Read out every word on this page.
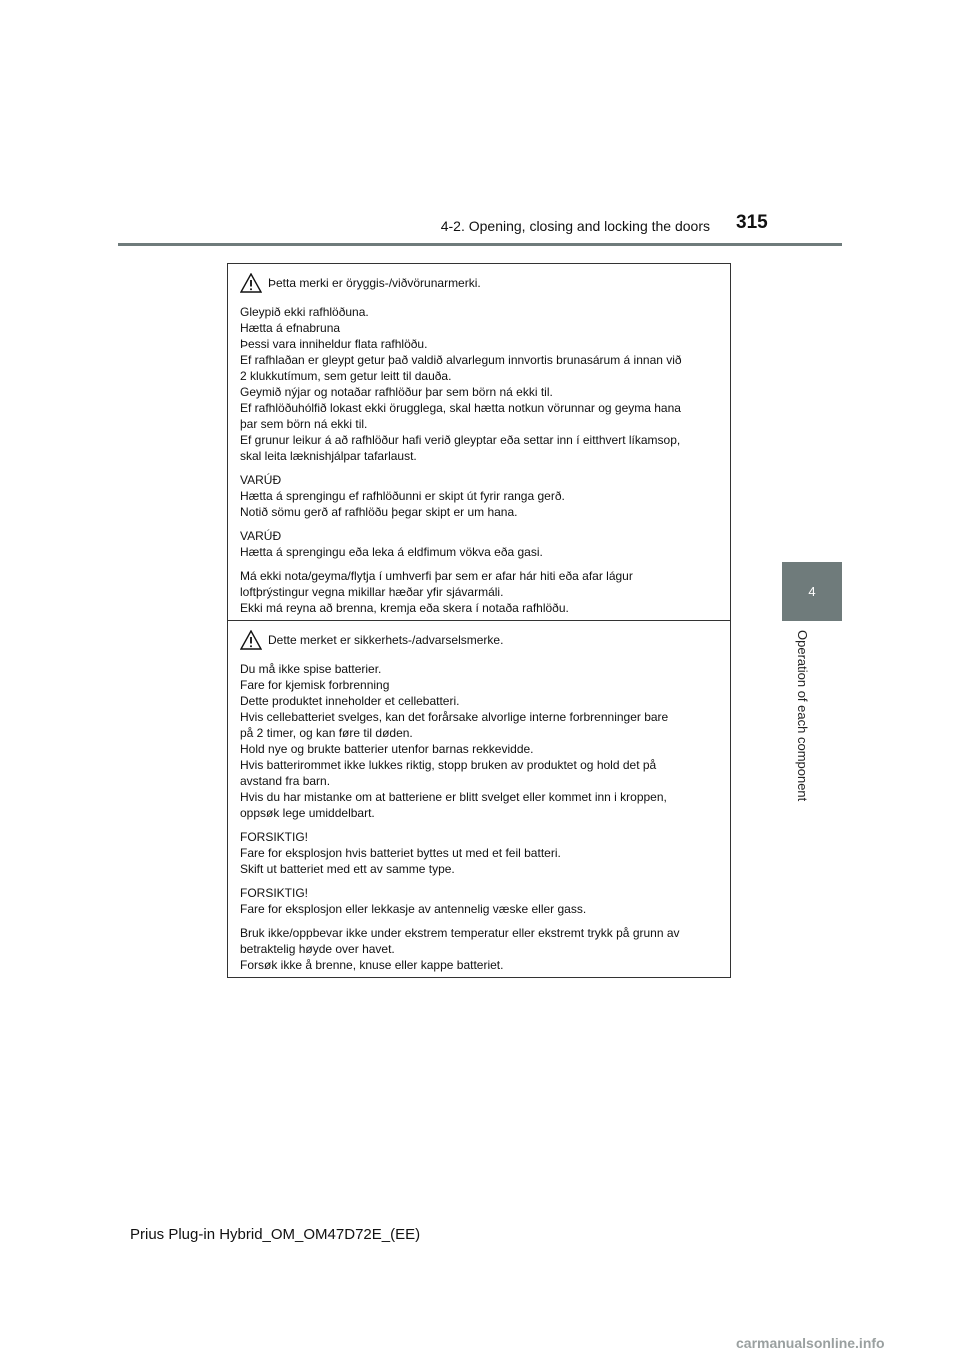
4-2. Opening, closing and locking the doors 315
4
Operation of each component
Þetta merki er öryggis-/viðvörunarmerki.
Gleypið ekki rafhlöðuna.
Hætta á efnabruna
Þessi vara inniheldur flata rafhlöðu.
Ef rafhlaðan er gleypt getur það valdið alvarlegum innvortis brunasárum á innan við
2 klukkutímum, sem getur leitt til dauða.
Geymið nýjar og notaðar rafhlöður þar sem börn ná ekki til.
Ef rafhlöðuhólfið lokast ekki örugglega, skal hætta notkun vörunnar og geyma hana
þar sem börn ná ekki til.
Ef grunur leikur á að rafhlöður hafi verið gleyptar eða settar inn í eitthvert líkamsop,
skal leita læknishjálpar tafarlaust.
VARÚÐ
Hætta á sprengingu ef rafhlöðunni er skipt út fyrir ranga gerð.
Notið sömu gerð af rafhlöðu þegar skipt er um hana.
VARÚÐ
Hætta á sprengingu eða leka á eldfimum vökva eða gasi.
Má ekki nota/geyma/flytja í umhverfi þar sem er afar hár hiti eða afar lágur
loftþrýstingur vegna mikillar hæðar yfir sjávarmáli.
Ekki má reyna að brenna, kremja eða skera í notaða rafhlöðu.
Dette merket er sikkerhets-/advarselsmerke.
Du må ikke spise batterier.
Fare for kjemisk forbrenning
Dette produktet inneholder et cellebatteri.
Hvis cellebatteriet svelges, kan det forårsake alvorlige interne forbrenninger bare
på 2 timer, og kan føre til døden.
Hold nye og brukte batterier utenfor barnas rekkevidde.
Hvis batterirommet ikke lukkes riktig, stopp bruken av produktet og hold det på
avstand fra barn.
Hvis du har mistanke om at batteriene er blitt svelget eller kommet inn i kroppen,
oppsøk lege umiddelbart.
FORSIKTIG!
Fare for eksplosjon hvis batteriet byttes ut med et feil batteri.
Skift ut batteriet med ett av samme type.
FORSIKTIG!
Fare for eksplosjon eller lekkasje av antennelig væske eller gass.
Bruk ikke/oppbevar ikke under ekstrem temperatur eller ekstremt trykk på grunn av
betraktelig høyde over havet.
Forsøk ikke å brenne, knuse eller kappe batteriet.
Prius Plug-in Hybrid_OM_OM47D72E_(EE)
carmanualsonline.info
